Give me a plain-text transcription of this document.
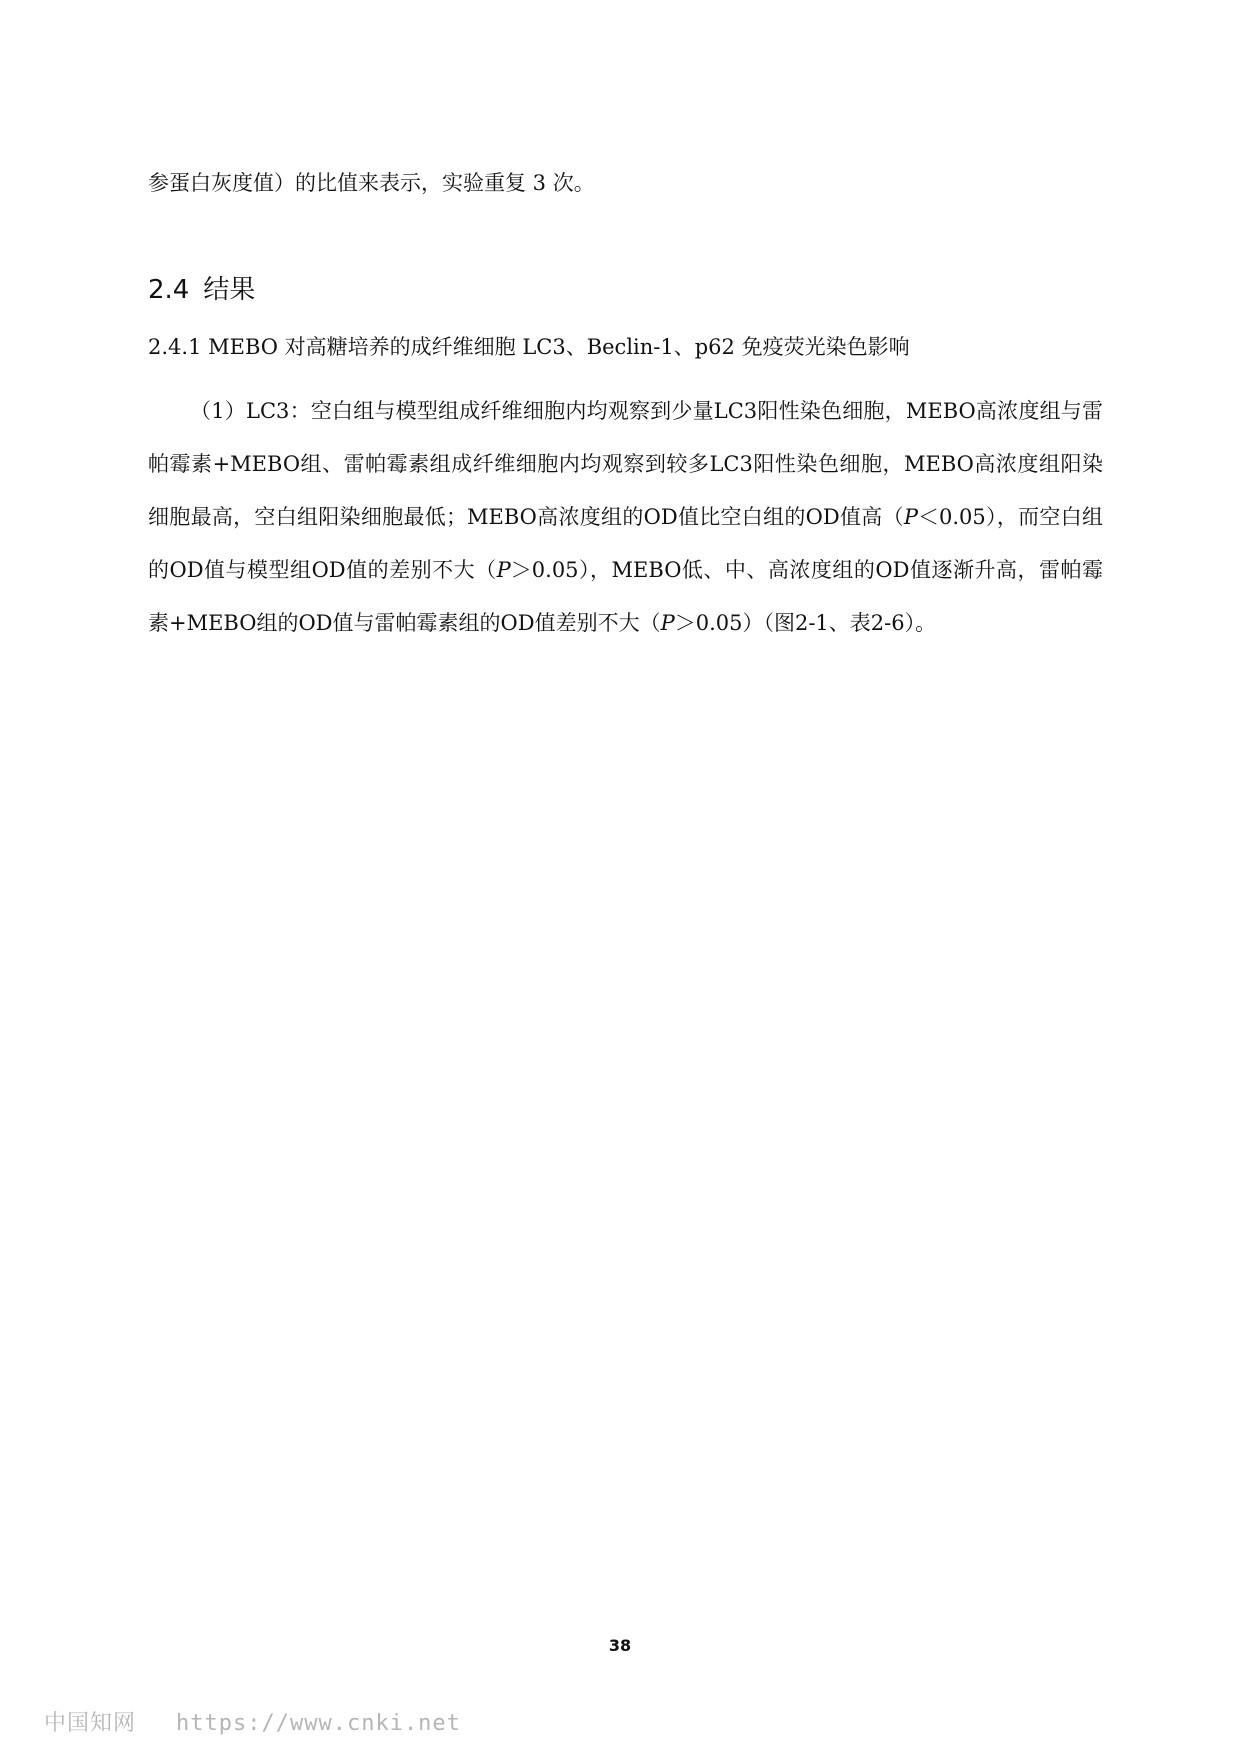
参蛋白灰度值）的比值来表示，实验重复 3 次。
2.4 结果
2.4.1 MEBO 对高糖培养的成纤维细胞 LC3、Beclin-1、p62 免疫荧光染色影响
（1）LC3：空白组与模型组成纤维细胞内均观察到少量LC3阳性染色细胞，MEBO高浓度组与雷帕霉素+MEBO组、雷帕霉素组成纤维细胞内均观察到较多LC3阳性染色细胞，MEBO高浓度组阳染细胞最高，空白组阳染细胞最低；MEBO高浓度组的OD值比空白组的OD值高（P＜0.05），而空白组的OD值与模型组OD值的差别不大（P＞0.05），MEBO低、中、高浓度组的OD值逐渐升高，雷帕霉素+MEBO组的OD值与雷帕霉素组的OD值差别不大（P＞0.05）（图2-1、表2-6）。
38
中国知网 https://www.cnki.net
